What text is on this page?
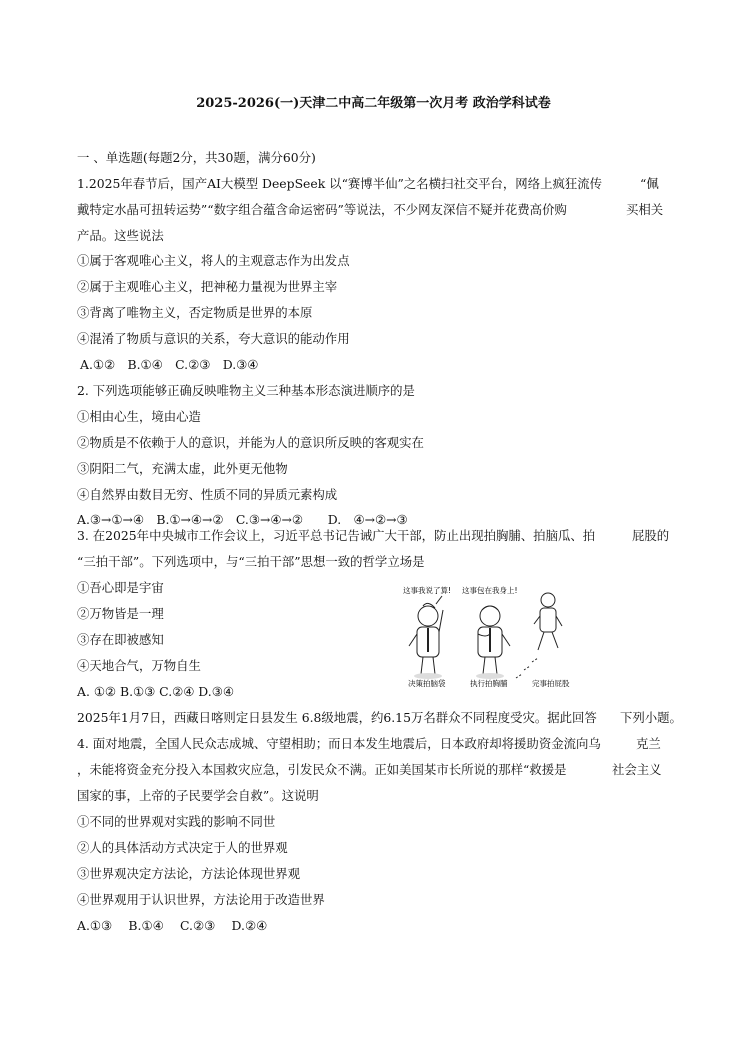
2025-2026(一)天津二中高二年级第一次月考 政治学科试卷
一 、单选题(每题2分，共30题，满分60分)
1.2025年春节后，国产AI大模型 DeepSeek 以“赛博半仙”之名横扫社交平台，网络上疯狂流传	“佩
戴特定水晶可扭转运势”“数字组合蕴含命运密码”等说法，不少网友深信不疑并花费高价购	买相关
产品。这些说法
①属于客观唯心主义，将人的主观意志作为出发点
②属于主观唯心主义，把神秘力量视为世界主宰
③背离了唯物主义，否定物质是世界的本原
④混淆了物质与意识的关系，夸大意识的能动作用
A.①②　B.①④　C.②③　D.③④
2. 下列选项能够正确反映唯物主义三种基本形态演进顺序的是
①相由心生，境由心造
②物质是不依赖于人的意识，并能为人的意识所反映的客观实在
③阴阳二气，充满太虚，此外更无他物
④自然界由数目无穷、性质不同的异质元素构成
A.③→①→④　B.①→④→②　C.③→④→②　　D.　④→②→③
3. 在2025年中央城市工作会议上，习近平总书记告诫广大干部，防止出现拍胸脯、拍脑瓜、拍	屁股的
“三拍干部”。下列选项中，与“三拍干部”思想一致的哲学立场是
①吾心即是宇宙
②万物皆是一理
③存在即被感知
④天地合气，万物自生
A. ①② B.①③ C.②④ D.③④
这事我说了算! 这事包在我身上!
决策拍脑袋	执行拍胸脯	完事拍屁股
2025年1月7日，西藏日喀则定日县发生 6.8级地震，约6.15万名群众不同程度受灾。据此回答 下列小题。
4. 面对地震，全国人民众志成城、守望相助；而日本发生地震后，日本政府却将援助资金流向乌	克兰
，未能将资金充分投入本国救灾应急，引发民众不满。正如美国某市长所说的那样“救援是	社会主义
国家的事，上帝的子民要学会自救”。这说明
①不同的世界观对实践的影响不同世
②人的具体活动方式决定于人的世界观
③世界观决定方法论，方法论体现世界观
④世界观用于认识世界，方法论用于改造世界
A.①③　 B.①④　 C.②③　 D.②④
